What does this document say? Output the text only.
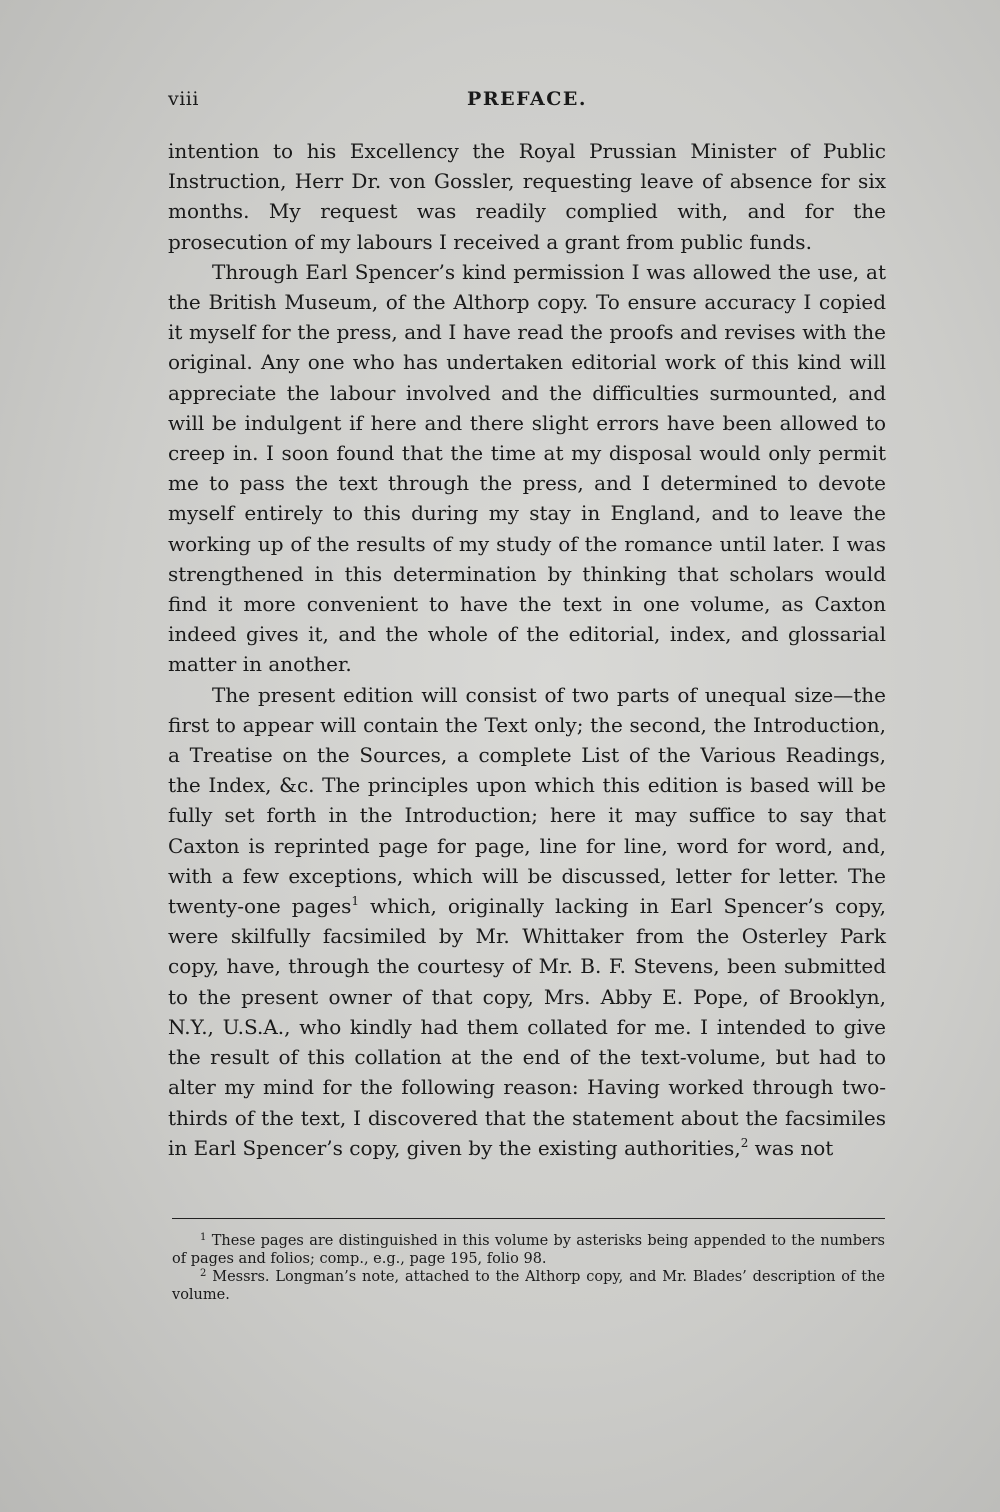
viii	PREFACE.

intention to his Excellency the Royal Prussian Minister of Public Instruction, Herr Dr. von Gossler, requesting leave of absence for six months. My request was readily complied with, and for the prosecution of my labours I received a grant from public funds.

Through Earl Spencer’s kind permission I was allowed the use, at the British Museum, of the Althorp copy. To ensure accuracy I copied it myself for the press, and I have read the proofs and revises with the original. Any one who has undertaken editorial work of this kind will appreciate the labour involved and the difficulties surmounted, and will be indulgent if here and there slight errors have been allowed to creep in. I soon found that the time at my disposal would only permit me to pass the text through the press, and I determined to devote myself entirely to this during my stay in England, and to leave the working up of the results of my study of the romance until later. I was strengthened in this determination by thinking that scholars would find it more convenient to have the text in one volume, as Caxton indeed gives it, and the whole of the editorial, index, and glossarial matter in another.

The present edition will consist of two parts of unequal size—the first to appear will contain the Text only; the second, the Introduction, a Treatise on the Sources, a complete List of the Various Readings, the Index, &c. The principles upon which this edition is based will be fully set forth in the Introduction; here it may suffice to say that Caxton is reprinted page for page, line for line, word for word, and, with a few exceptions, which will be discussed, letter for letter. The twenty-one pages$^1$ which, originally lacking in Earl Spencer’s copy, were skilfully facsimiled by Mr. Whittaker from the Osterley Park copy, have, through the courtesy of Mr. B. F. Stevens, been submitted to the present owner of that copy, Mrs. Abby E. Pope, of Brooklyn, N.Y., U.S.A., who kindly had them collated for me. I intended to give the result of this collation at the end of the text-volume, but had to alter my mind for the following reason: Having worked through two-thirds of the text, I discovered that the statement about the facsimiles in Earl Spencer’s copy, given by the existing authorities,$^2$ was not

$^1$ These pages are distinguished in this volume by asterisks being appended to the numbers of pages and folios; comp., e.g., page 195, folio 98.

$^2$ Messrs. Longman’s note, attached to the Althorp copy, and Mr. Blades’ description of the volume.
